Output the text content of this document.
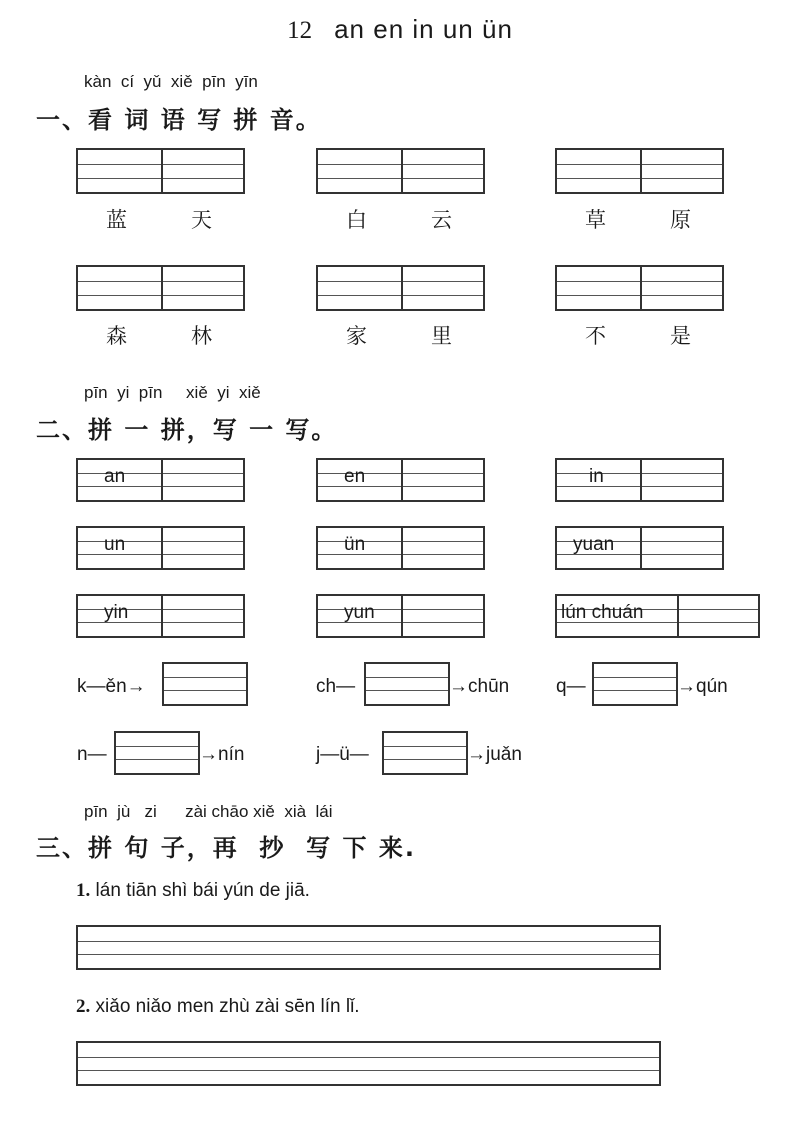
12 an en in un ün
kàn  cí  yǔ  xiě  pīn  yīn
一、看 词 语 写 拼 音。
蓝	天	白	云	草	原
森	林	家	里	不	是
pīn  yi  pīn     xiě  yi  xiě
二、拼 一 拼，写 一 写。
an	en	in
un	ün	yuan
yin	yun	lún chuán
k—ěn→	ch—	→chūn q—	→qún
n—	→nín	j—ü—	→juǎn
pīn  jù   zi      zài chāo xiě  xià  lái
三、拼 句 子，再  抄  写 下 来.
1. lán tiān shì bái yún de jiā.
2. xiǎo niǎo men zhù zài sēn lín lǐ.
